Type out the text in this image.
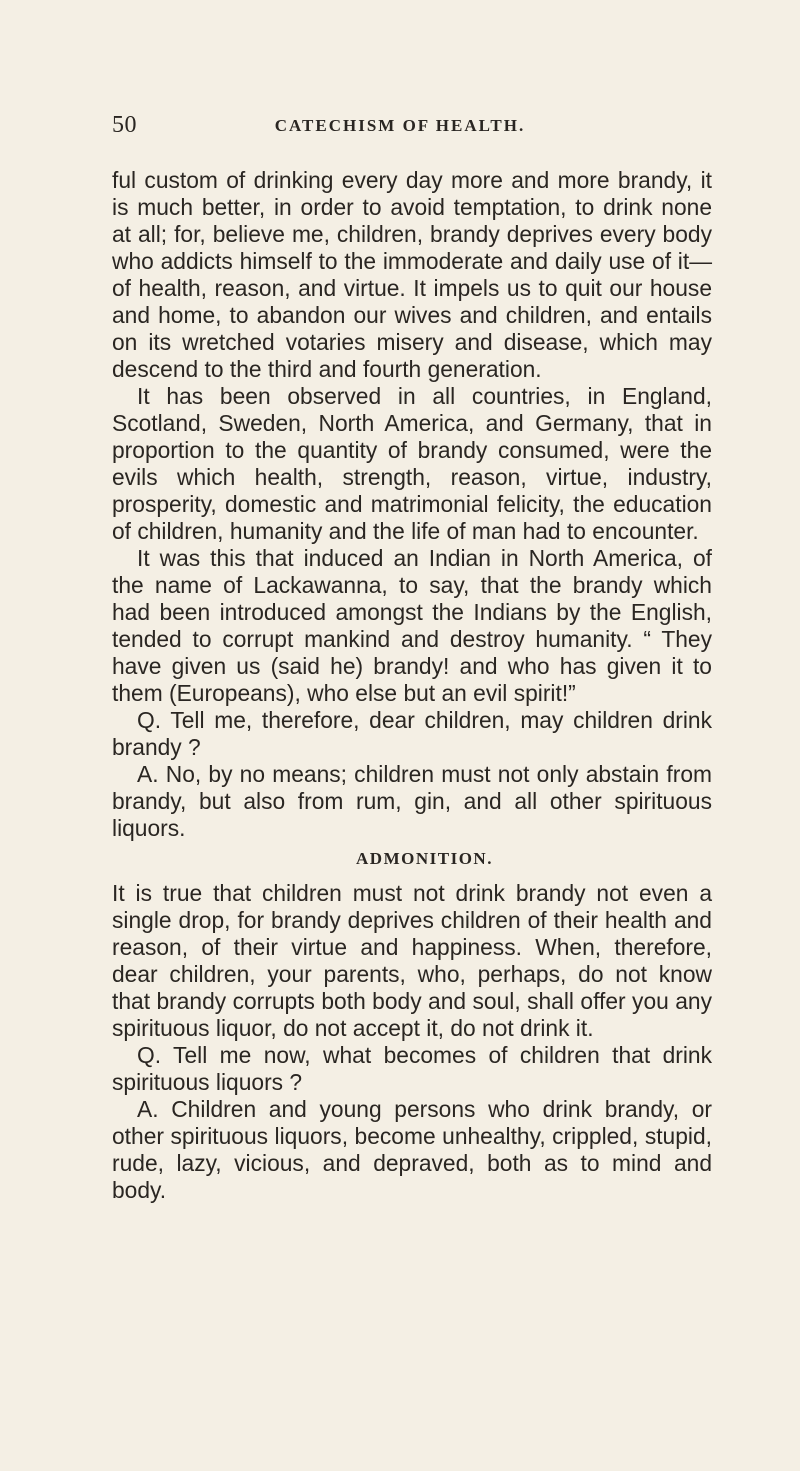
50	CATECHISM OF HEALTH.

ful custom of drinking every day more and more brandy, it is much better, in order to avoid temptation, to drink none at all; for, believe me, children, brandy deprives every body who addicts himself to the immoderate and daily use of it—of health, reason, and virtue. It impels us to quit our house and home, to abandon our wives and children, and entails on its wretched votaries misery and disease, which may descend to the third and fourth generation.

It has been observed in all countries, in England, Scotland, Sweden, North America, and Germany, that in proportion to the quantity of brandy consumed, were the evils which health, strength, reason, virtue, industry, prosperity, domestic and matrimonial felicity, the education of children, humanity and the life of man had to encounter.

It was this that induced an Indian in North America, of the name of Lackawanna, to say, that the brandy which had been introduced amongst the Indians by the English, tended to corrupt mankind and destroy humanity. “ They have given us (said he) brandy! and who has given it to them (Europeans), who else but an evil spirit!”

Q. Tell me, therefore, dear children, may children drink brandy ?

A. No, by no means; children must not only abstain from brandy, but also from rum, gin, and all other spirituous liquors.

ADMONITION.

It is true that children must not drink brandy not even a single drop, for brandy deprives children of their health and reason, of their virtue and happiness. When, therefore, dear children, your parents, who, perhaps, do not know that brandy corrupts both body and soul, shall offer you any spirituous liquor, do not accept it, do not drink it.

Q. Tell me now, what becomes of children that drink spirituous liquors ?

A. Children and young persons who drink brandy, or other spirituous liquors, become unhealthy, crippled, stupid, rude, lazy, vicious, and depraved, both as to mind and body.
